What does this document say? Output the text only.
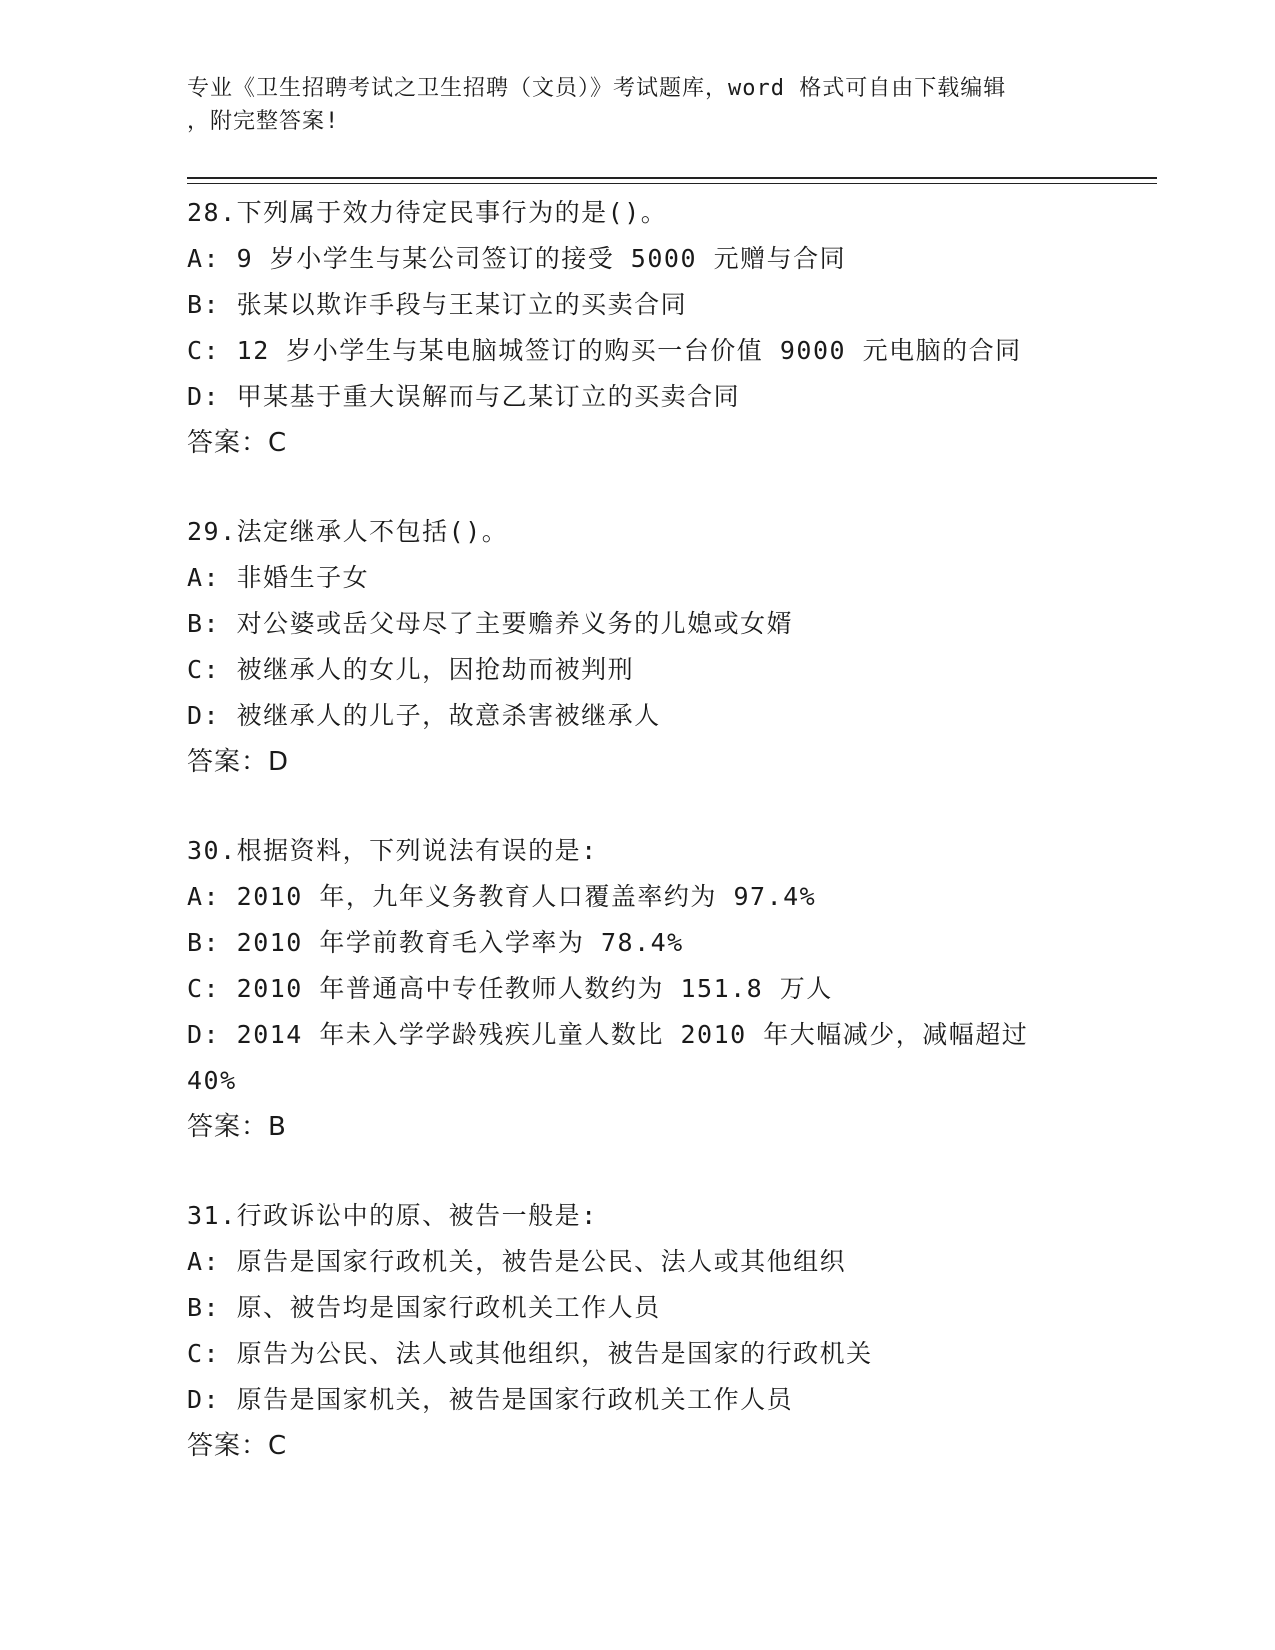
专业《卫生招聘考试之卫生招聘（文员）》考试题库，word 格式可自由下载编辑
，附完整答案!
28.下列属于效力待定民事行为的是()。
A: 9 岁小学生与某公司签订的接受 5000 元赠与合同
B: 张某以欺诈手段与王某订立的买卖合同
C: 12 岁小学生与某电脑城签订的购买一台价值 9000 元电脑的合同
D: 甲某基于重大误解而与乙某订立的买卖合同
答案：C
29.法定继承人不包括()。
A: 非婚生子女
B: 对公婆或岳父母尽了主要赡养义务的儿媳或女婿
C: 被继承人的女儿，因抢劫而被判刑
D: 被继承人的儿子，故意杀害被继承人
答案：D
30.根据资料，下列说法有误的是:
A: 2010 年，九年义务教育人口覆盖率约为 97.4%
B: 2010 年学前教育毛入学率为 78.4%
C: 2010 年普通高中专任教师人数约为 151.8 万人
D: 2014 年未入学学龄残疾儿童人数比 2010 年大幅减少，减幅超过
40%
答案：B
31.行政诉讼中的原、被告一般是:
A: 原告是国家行政机关，被告是公民、法人或其他组织
B: 原、被告均是国家行政机关工作人员
C: 原告为公民、法人或其他组织，被告是国家的行政机关
D: 原告是国家机关，被告是国家行政机关工作人员
答案：C
